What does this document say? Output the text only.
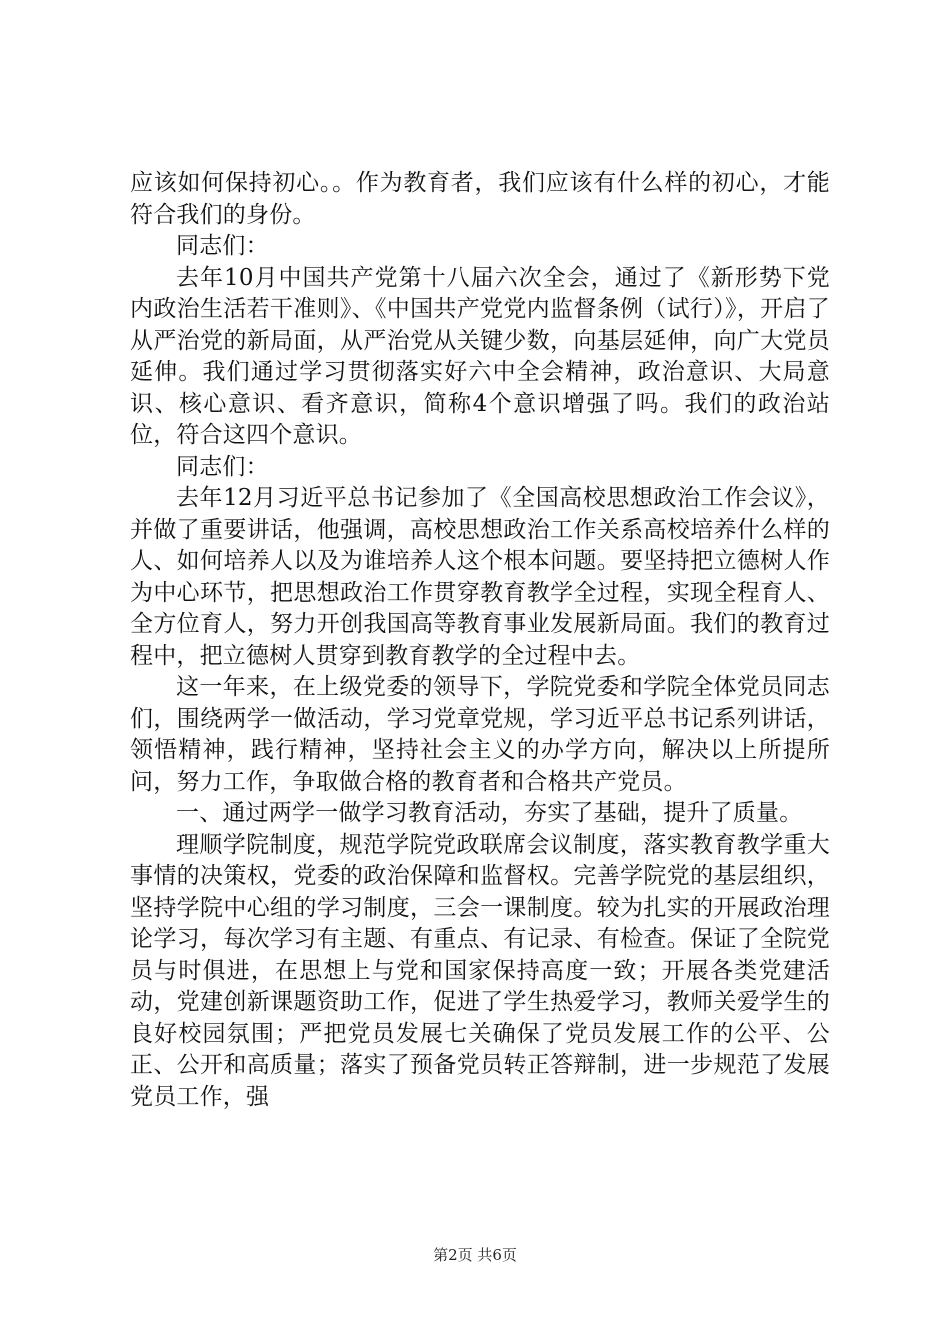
应该如何保持初心。。作为教育者，我们应该有什么样的初心，才能符合我们的身份。

同志们：

去年10月中国共产党第十八届六次全会，通过了《新形势下党内政治生活若干准则》、《中国共产党党内监督条例（试行）》，开启了从严治党的新局面，从严治党从关键少数，向基层延伸，向广大党员延伸。我们通过学习贯彻落实好六中全会精神，政治意识、大局意识、核心意识、看齐意识，简称4个意识增强了吗。我们的政治站位，符合这四个意识。

同志们：

去年12月习近平总书记参加了《全国高校思想政治工作会议》，并做了重要讲话，他强调，高校思想政治工作关系高校培养什么样的人、如何培养人以及为谁培养人这个根本问题。要坚持把立德树人作为中心环节，把思想政治工作贯穿教育教学全过程，实现全程育人、全方位育人，努力开创我国高等教育事业发展新局面。我们的教育过程中，把立德树人贯穿到教育教学的全过程中去。

这一年来，在上级党委的领导下，学院党委和学院全体党员同志们，围绕两学一做活动，学习党章党规，学习近平总书记系列讲话，领悟精神，践行精神，坚持社会主义的办学方向，解决以上所提所问，努力工作，争取做合格的教育者和合格共产党员。

一、通过两学一做学习教育活动，夯实了基础，提升了质量。

理顺学院制度，规范学院党政联席会议制度，落实教育教学重大事情的决策权，党委的政治保障和监督权。完善学院党的基层组织，坚持学院中心组的学习制度，三会一课制度。较为扎实的开展政治理论学习，每次学习有主题、有重点、有记录、有检查。保证了全院党员与时俱进，在思想上与党和国家保持高度一致；开展各类党建活动，党建创新课题资助工作，促进了学生热爱学习，教师关爱学生的良好校园氛围；严把党员发展七关确保了党员发展工作的公平、公正、公开和高质量；落实了预备党员转正答辩制，进一步规范了发展党员工作，强

第2页 共6页
